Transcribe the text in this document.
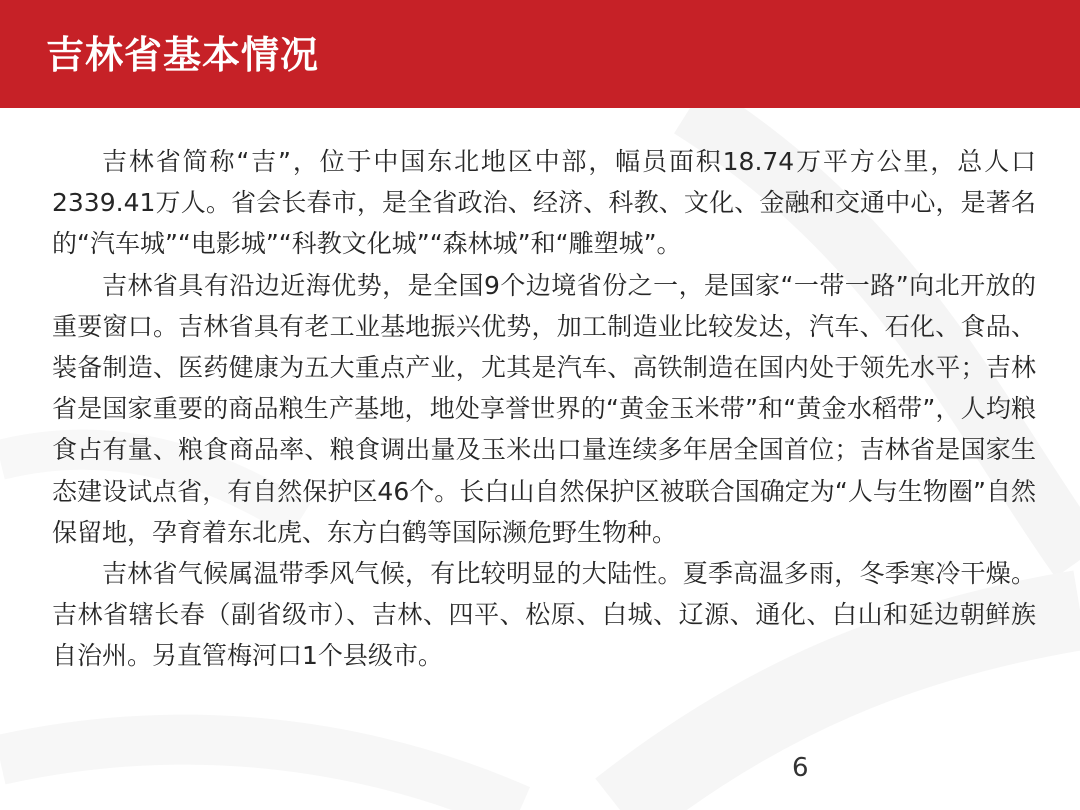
吉林省基本情况

吉林省简称“吉”，位于中国东北地区中部，幅员面积18.74万平方公里，总人口2339.41万人。省会长春市，是全省政治、经济、科教、文化、金融和交通中心，是著名的“汽车城”“电影城”“科教文化城”“森林城”和“雕塑城”。

吉林省具有沿边近海优势，是全国9个边境省份之一，是国家“一带一路”向北开放的重要窗口。吉林省具有老工业基地振兴优势，加工制造业比较发达，汽车、石化、食品、装备制造、医药健康为五大重点产业，尤其是汽车、高铁制造在国内处于领先水平；吉林省是国家重要的商品粮生产基地，地处享誉世界的“黄金玉米带”和“黄金水稻带”，人均粮食占有量、粮食商品率、粮食调出量及玉米出口量连续多年居全国首位；吉林省是国家生态建设试点省，有自然保护区46个。长白山自然保护区被联合国确定为“人与生物圈”自然保留地，孕育着东北虎、东方白鹤等国际濒危野生物种。

吉林省气候属温带季风气候，有比较明显的大陆性。夏季高温多雨，冬季寒冷干燥。吉林省辖长春（副省级市）、吉林、四平、松原、白城、辽源、通化、白山和延边朝鲜族自治州。另直管梅河口1个县级市。

6
